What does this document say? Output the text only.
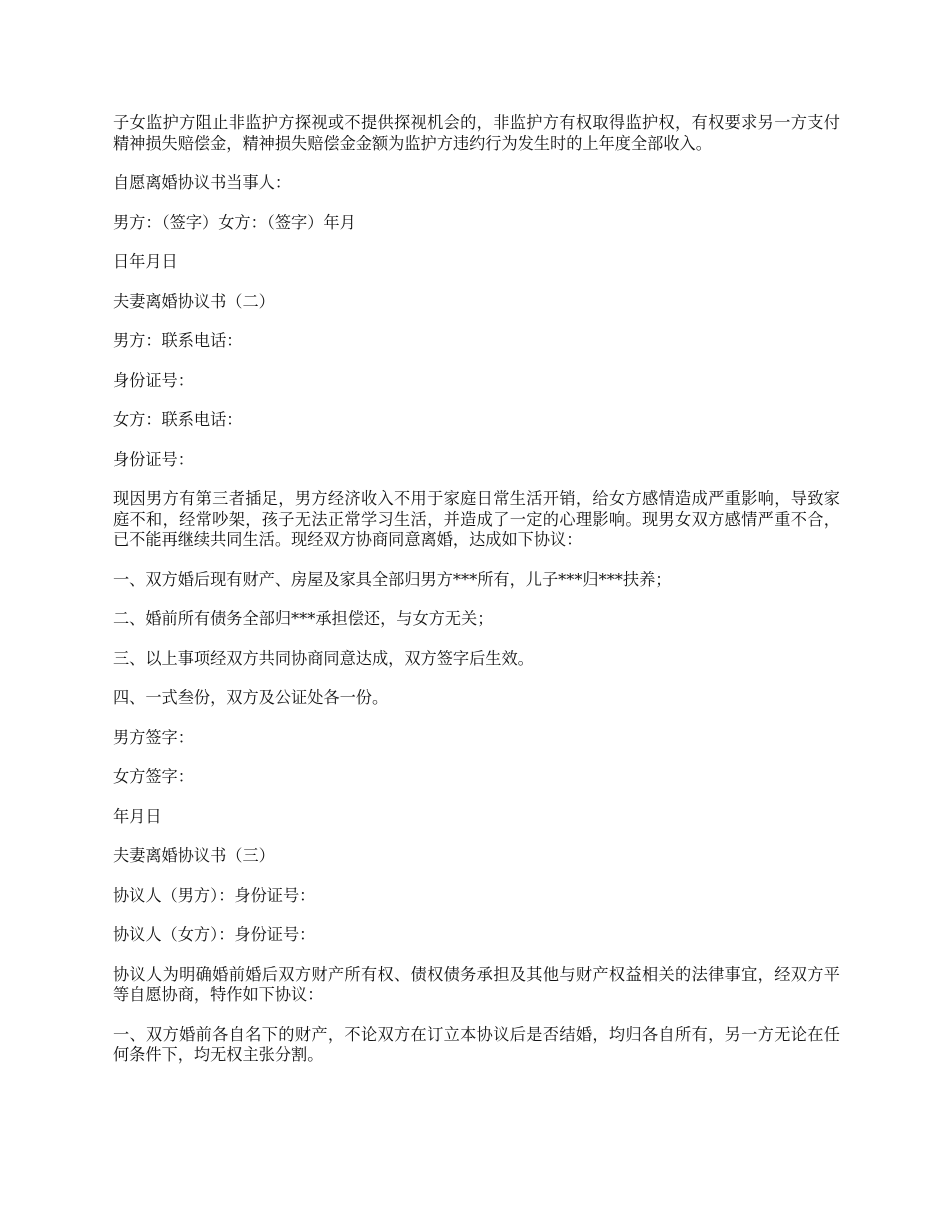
子女监护方阻止非监护方探视或不提供探视机会的，非监护方有权取得监护权，有权要求另一方支付精神损失赔偿金，精神损失赔偿金金额为监护方违约行为发生时的上年度全部收入。

自愿离婚协议书当事人：

男方：（签字）女方：（签字）年月

日年月日

夫妻离婚协议书（二）

男方：联系电话：

身份证号：

女方：联系电话：

身份证号：

现因男方有第三者插足，男方经济收入不用于家庭日常生活开销，给女方感情造成严重影响，导致家庭不和，经常吵架，孩子无法正常学习生活，并造成了一定的心理影响。现男女双方感情严重不合，已不能再继续共同生活。现经双方协商同意离婚，达成如下协议：

一、双方婚后现有财产、房屋及家具全部归男方***所有，儿子***归***扶养；

二、婚前所有债务全部归***承担偿还，与女方无关；

三、以上事项经双方共同协商同意达成，双方签字后生效。

四、一式叁份，双方及公证处各一份。

男方签字：

女方签字：

年月日

夫妻离婚协议书（三）

协议人（男方）：身份证号：

协议人（女方）：身份证号：

协议人为明确婚前婚后双方财产所有权、债权债务承担及其他与财产权益相关的法律事宜，经双方平等自愿协商，特作如下协议：

一、双方婚前各自名下的财产，不论双方在订立本协议后是否结婚，均归各自所有，另一方无论在任何条件下，均无权主张分割。
